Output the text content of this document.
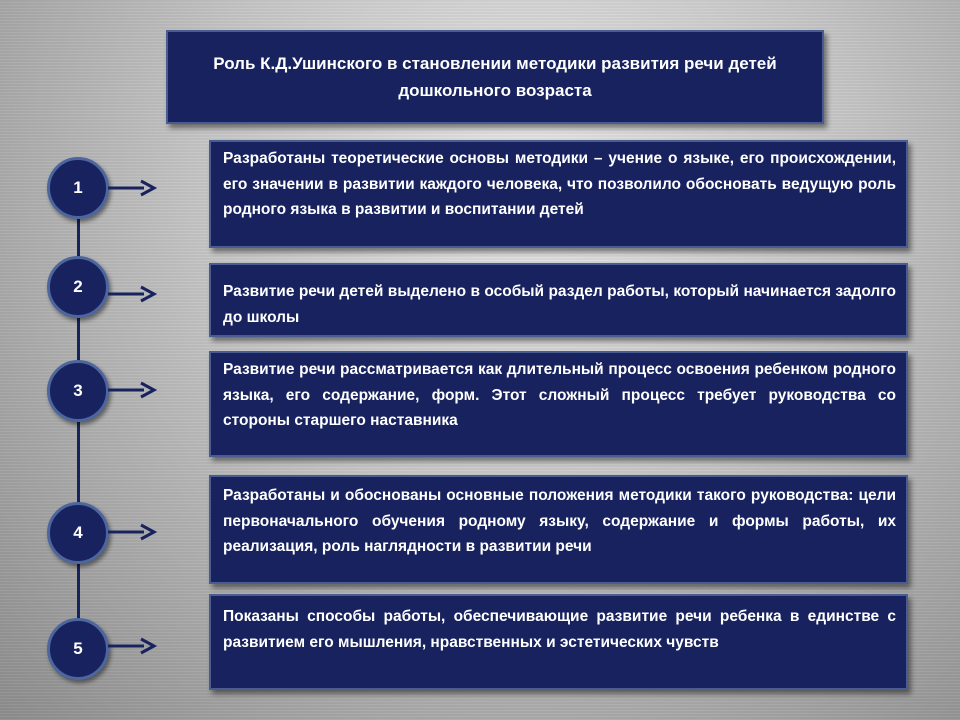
Роль К.Д.Ушинского в становлении методики развития речи детей дошкольного возраста
1

Разработаны теоретические основы методики – учение о языке, его происхождении, его значении в развитии каждого человека, что позволило обосновать ведущую роль родного языка в развитии и воспитании детей

2	Развитие речи детей выделено в особый раздел работы, который начинается задолго до школы

3

Развитие речи рассматривается как длительный процесс освоения ребенком родного языка, его содержание, форм. Этот сложный процесс требует руководства со стороны старшего наставника

4

Разработаны и обоснованы основные положения методики такого руководства: цели первоначального обучения родному языку, содержание и формы работы, их реализация, роль наглядности в развитии речи

5

Показаны способы работы, обеспечивающие развитие речи ребенка в единстве с развитием его мышления, нравственных и эстетических чувств
